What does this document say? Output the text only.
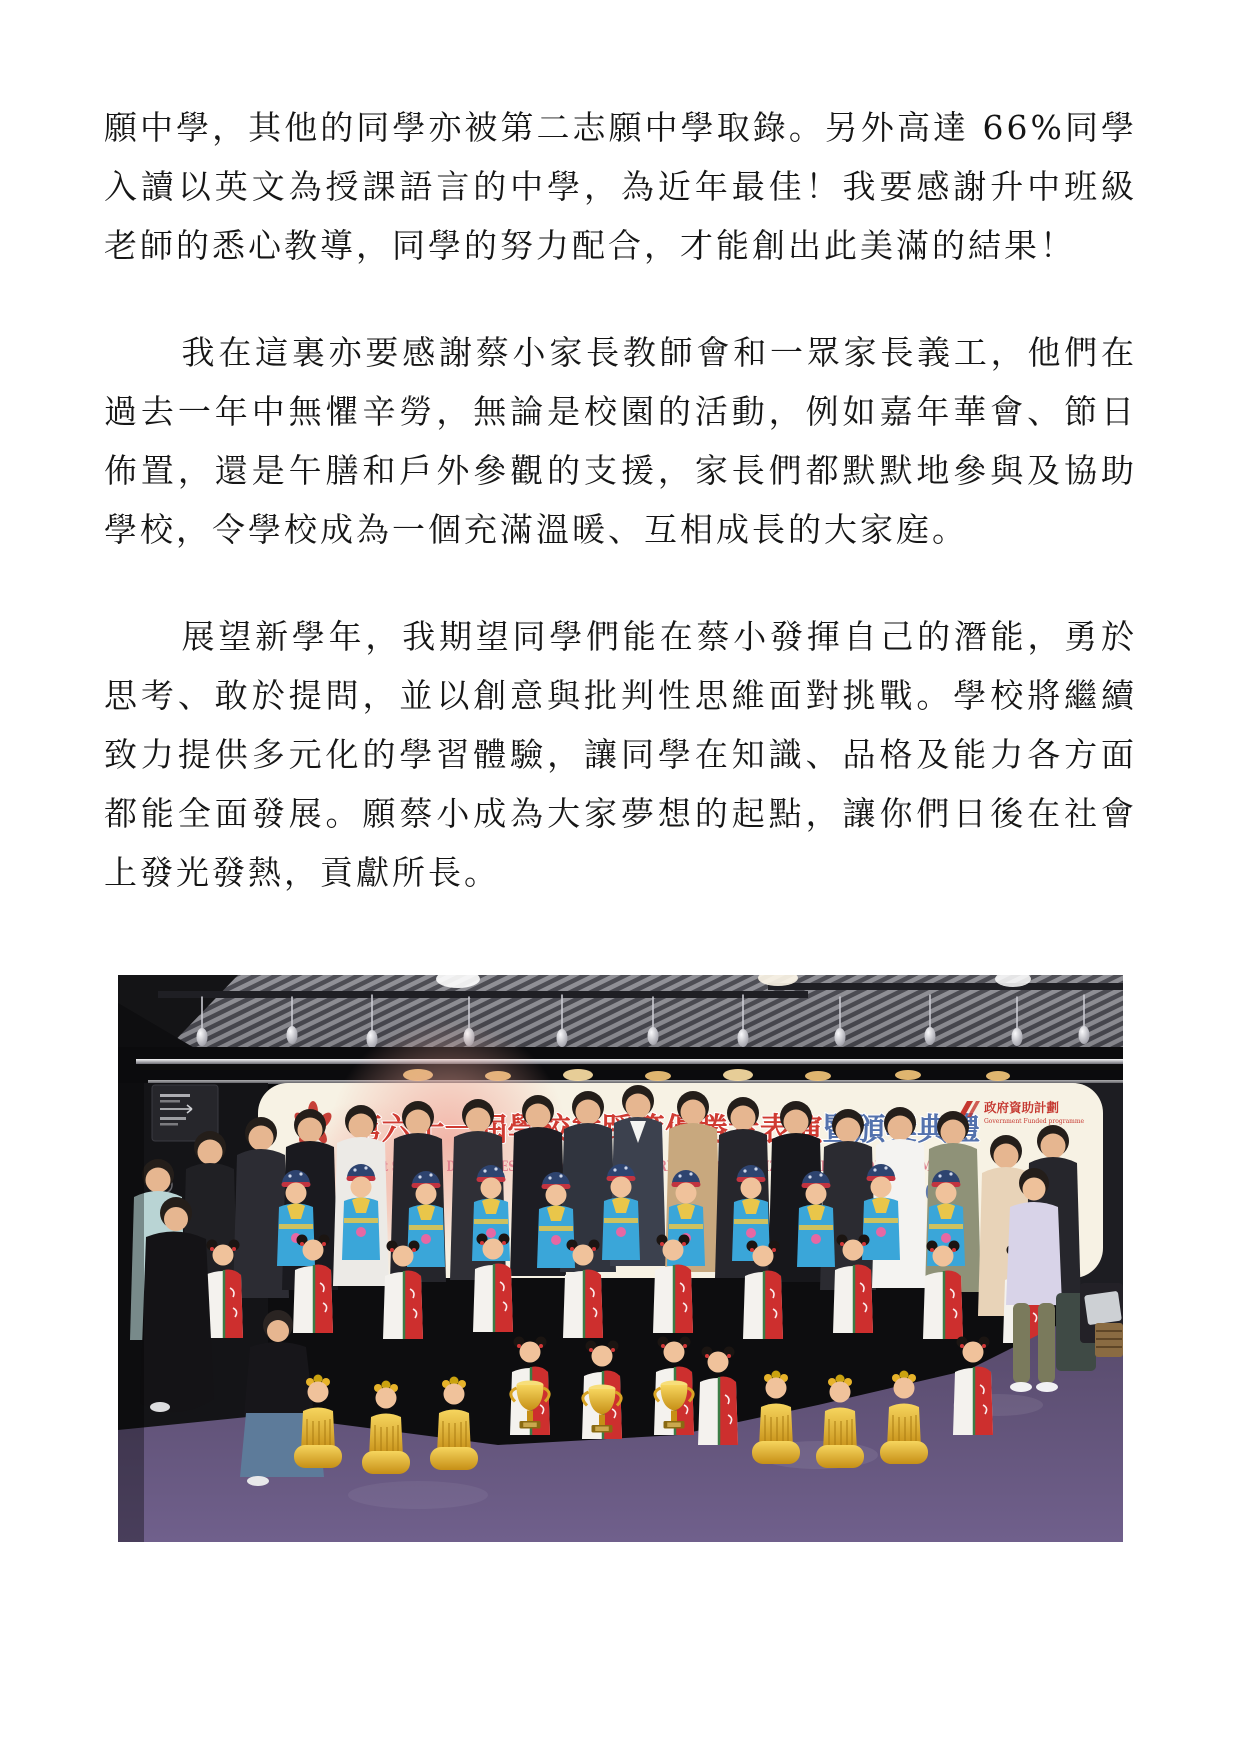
願中學，其他的同學亦被第二志願中學取錄。另外高達 66%同學入讀以英文為授課語言的中學，為近年最佳！我要感謝升中班級老師的悉心教導，同學的努力配合，才能創出此美滿的結果！

我在這裏亦要感謝蔡小家長教師會和一眾家長義工，他們在過去一年中無懼辛勞，無論是校園的活動，例如嘉年華會、節日佈置，還是午膳和戶外參觀的支援，家長們都默默地參與及協助學校，令學校成為一個充滿溫暖、互相成長的大家庭。

展望新學年，我期望同學們能在蔡小發揮自己的潛能，勇於思考、敢於提問，並以創意與批判性思維面對挑戰。學校將繼續致力提供多元化的學習體驗，讓同學在知識、品格及能力各方面都能全面發展。願蔡小成為大家夢想的起點，讓你們日後在社會上發光發熱，貢獻所長。

PERFORMANCE
政府資助計劃
Government Funded programme
